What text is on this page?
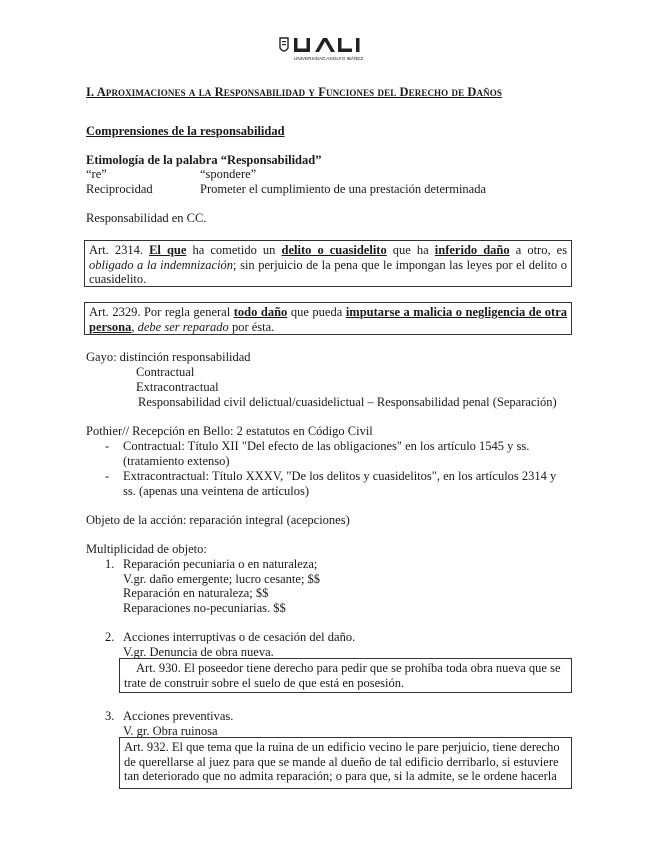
UNIVERSIDAD ADOLFO IBÁÑEZ
I. Aproximaciones a la Responsabilidad y Funciones del Derecho de Daños
Comprensiones de la responsabilidad
Etimología de la palabra “Responsabilidad”
“re”	“spondere”
Reciprocidad	Prometer el cumplimiento de una prestación determinada
Responsabilidad en CC.
Art. 2314. El que ha cometido un delito o cuasidelito que ha inferido daño a otro, es obligado a la indemnización; sin perjuicio de la pena que le impongan las leyes por el delito o cuasidelito.
Art. 2329. Por regla general todo daño que pueda imputarse a malicia o negligencia de otra persona, debe ser reparado por ésta.
Gayo: distinción responsabilidad
Contractual
Extracontractual
Responsabilidad civil delictual/cuasidelictual – Responsabilidad penal (Separación)
Pothier// Recepción en Bello: 2 estatutos en Código Civil
- Contractual: Título XII "Del efecto de las obligaciones" en los artículo 1545 y ss.
(tratamiento extenso)
- Extracontractual: Título XXXV, "De los delitos y cuasidelitos", en los artículos 2314 y
ss. (apenas una veintena de artículos)
Objeto de la acción: reparación integral (acepciones)
Multiplicidad de objeto:
1. Reparación pecuniaria o en naturaleza;
V.gr. daño emergente; lucro cesante; $$
Reparación en naturaleza; $$
Reparaciones no-pecuniarias. $$
2. Acciones interruptivas o de cesación del daño.
V.gr. Denuncia de obra nueva.
Art. 930. El poseedor tiene derecho para pedir que se prohíba toda obra nueva que se
trate de construir sobre el suelo de que está en posesión.
3. Acciones preventivas.
V. gr. Obra ruinosa
Art. 932. El que tema que la ruina de un edificio vecino le pare perjuicio, tiene derecho
de querellarse al juez para que se mande al dueño de tal edificio derribarlo, si estuviere
tan deteriorado que no admita reparación; o para que, si la admite, se le ordene hacerla
